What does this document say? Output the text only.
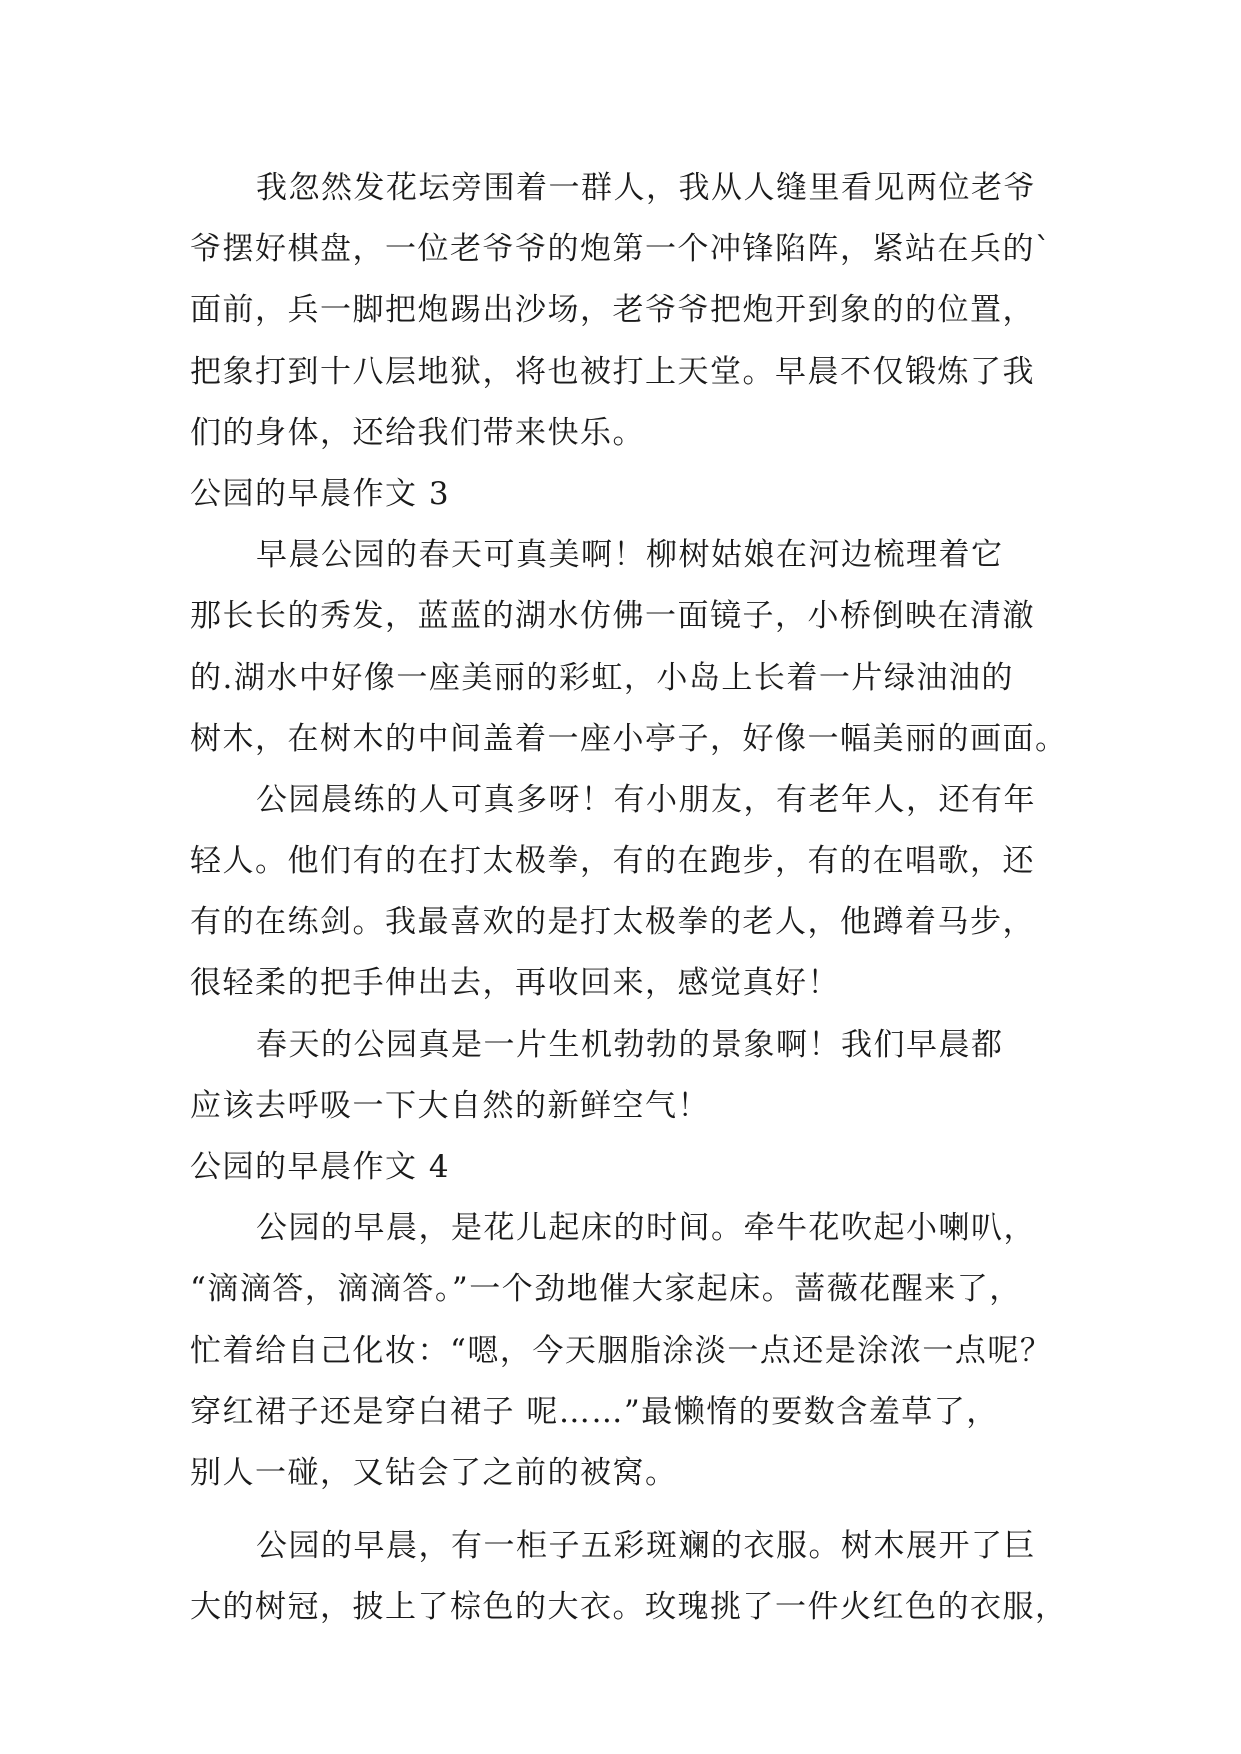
我忽然发花坛旁围着一群人，我从人缝里看见两位老爷
爷摆好棋盘，一位老爷爷的炮第一个冲锋陷阵，紧站在兵的`
面前，兵一脚把炮踢出沙场，老爷爷把炮开到象的的位置，
把象打到十八层地狱，将也被打上天堂。早晨不仅锻炼了我
们的身体，还给我们带来快乐。
公园的早晨作文 3
早晨公园的春天可真美啊！柳树姑娘在河边梳理着它
那长长的秀发，蓝蓝的湖水仿佛一面镜子，小桥倒映在清澈
的.湖水中好像一座美丽的彩虹，小岛上长着一片绿油油的
树木，在树木的中间盖着一座小亭子，好像一幅美丽的画面。
公园晨练的人可真多呀！有小朋友，有老年人，还有年
轻人。他们有的在打太极拳，有的在跑步，有的在唱歌，还
有的在练剑。我最喜欢的是打太极拳的老人，他蹲着马步，
很轻柔的把手伸出去，再收回来，感觉真好！
春天的公园真是一片生机勃勃的景象啊！我们早晨都
应该去呼吸一下大自然的新鲜空气！
公园的早晨作文 4
公园的早晨，是花儿起床的时间。牵牛花吹起小喇叭，
“滴滴答，滴滴答。”一个劲地催大家起床。蔷薇花醒来了，
忙着给自己化妆：“嗯，今天胭脂涂淡一点还是涂浓一点呢？
穿红裙子还是穿白裙子 呢……”最懒惰的要数含羞草了，
别人一碰，又钻会了之前的被窝。
公园的早晨，有一柜子五彩斑斓的衣服。树木展开了巨
大的树冠，披上了棕色的大衣。玫瑰挑了一件火红色的衣服，
